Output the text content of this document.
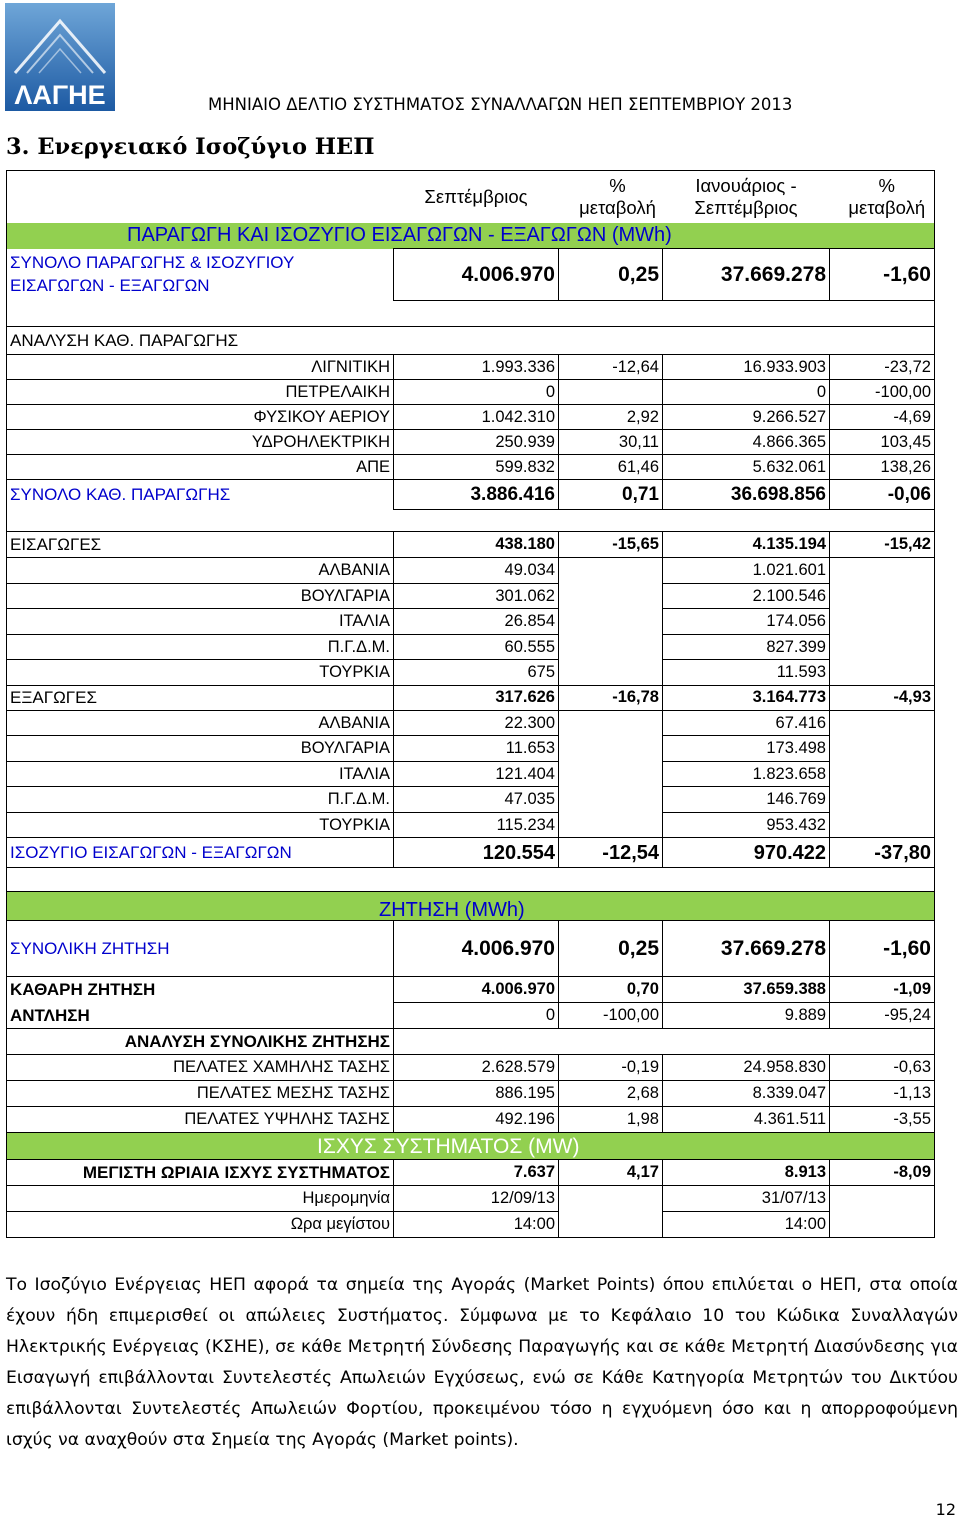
ΛΑΓΗΕ	ΜΗΝΙΑΙΟ ΔΕΛΤΙΟ ΣΥΣΤΗΜΑΤΟΣ ΣΥΝΑΛΛΑΓΩΝ ΗΕΠ ΣΕΠΤΕΜΒΡΙΟΥ 2013
3. Ενεργειακό Ισοζύγιο ΗΕΠ
	Σεπτέμβριος	% μεταβολή	Ιανουάριος - Σεπτέμβριος	% μεταβολή
ΠΑΡΑΓΩΓΗ ΚΑΙ ΙΣΟΖΥΓΙΟ ΕΙΣΑΓΩΓΩΝ - ΕΞΑΓΩΓΩΝ (MWh)				

ΣΥΝΟΛΟ ΠΑΡΑΓΩΓΗΣ & ΙΣΟΖΥΓΙΟΥ
ΕΙΣΑΓΩΓΩΝ - ΕΞΑΓΩΓΩΝ	4.006.970	0,25	37.669.278	-1,60

ΑΝΑΛΥΣΗ ΚΑΘ. ΠΑΡΑΓΩΓΗΣ				
ΛΙΓΝΙΤΙΚΗ	1.993.336	-12,64	16.933.903	-23,72
ΠΕΤΡΕΛΑΙΚΗ	0		0	-100,00
ΦΥΣΙΚΟΥ ΑΕΡΙΟΥ	1.042.310	2,92	9.266.527	-4,69
ΥΔΡΟΗΛΕΚΤΡΙΚΗ	250.939	30,11	4.866.365	103,45
ΑΠΕ	599.832	61,46	5.632.061	138,26
ΣΥΝΟΛΟ ΚΑΘ. ΠΑΡΑΓΩΓΗΣ	3.886.416	0,71	36.698.856	-0,06

ΕΙΣΑΓΩΓΕΣ	438.180	-15,65	4.135.194	-15,42
ΑΛΒΑΝΙΑ	49.034		1.021.601	
ΒΟΥΛΓΑΡΙΑ	301.062		2.100.546	
ΙΤΑΛΙΑ	26.854		174.056	
Π.Γ.Δ.Μ.	60.555		827.399	
ΤΟΥΡΚΙΑ	675		11.593	
ΕΞΑΓΩΓΕΣ	317.626	-16,78	3.164.773	-4,93
ΑΛΒΑΝΙΑ	22.300		67.416	
ΒΟΥΛΓΑΡΙΑ	11.653		173.498	
ΙΤΑΛΙΑ	121.404		1.823.658	
Π.Γ.Δ.Μ.	47.035		146.769	
ΤΟΥΡΚΙΑ	115.234		953.432	
ΙΣΟΖΥΓΙΟ ΕΙΣΑΓΩΓΩΝ - ΕΞΑΓΩΓΩΝ	120.554	-12,54	970.422	-37,80

ΖΗΤΗΣΗ (MWh)				
ΣΥΝΟΛΙΚΗ ΖΗΤΗΣΗ	4.006.970	0,25	37.669.278	-1,60
ΚΑΘΑΡΗ ΖΗΤΗΣΗ	4.006.970	0,70	37.659.388	-1,09
ΑΝΤΛΗΣΗ	0	-100,00	9.889	-95,24
ΑΝΑΛΥΣΗ ΣΥΝΟΛΙΚΗΣ ΖΗΤΗΣΗΣ				
ΠΕΛΑΤΕΣ ΧΑΜΗΛΗΣ ΤΑΣΗΣ	2.628.579	-0,19	24.958.830	-0,63
ΠΕΛΑΤΕΣ ΜΕΣΗΣ ΤΑΣΗΣ	886.195	2,68	8.339.047	-1,13
ΠΕΛΑΤΕΣ ΥΨΗΛΗΣ ΤΑΣΗΣ	492.196	1,98	4.361.511	-3,55
ΙΣΧΥΣ ΣΥΣΤΗΜΑΤΟΣ (MW)				
ΜΕΓΙΣΤΗ ΩΡΙΑΙΑ ΙΣΧΥΣ ΣΥΣΤΗΜΑΤΟΣ	7.637	4,17	8.913	-8,09
Ημερομηνία	12/09/13		31/07/13	
Ωρα μεγίστου	14:00		14:00	
Το Ισοζύγιο Ενέργειας ΗΕΠ αφορά τα σημεία της Αγοράς (Market Points) όπου επιλύεται ο ΗΕΠ, στα οποία έχουν ήδη επιμερισθεί οι απώλειες Συστήματος. Σύμφωνα με το Κεφάλαιο 10 του Κώδικα Συναλλαγών Ηλεκτρικής Ενέργειας (ΚΣΗΕ), σε κάθε Μετρητή Σύνδεσης Παραγωγής και σε κάθε Μετρητή Διασύνδεσης για Εισαγωγή επιβάλλονται Συντελεστές Απωλειών Εγχύσεως, ενώ σε Κάθε Κατηγορία Μετρητών του Δικτύου επιβάλλονται Συντελεστές Απωλειών Φορτίου, προκειμένου τόσο η εγχυόμενη όσο και η απορροφούμενη ισχύς να αναχθούν στα Σημεία της Αγοράς (Market points).
12
